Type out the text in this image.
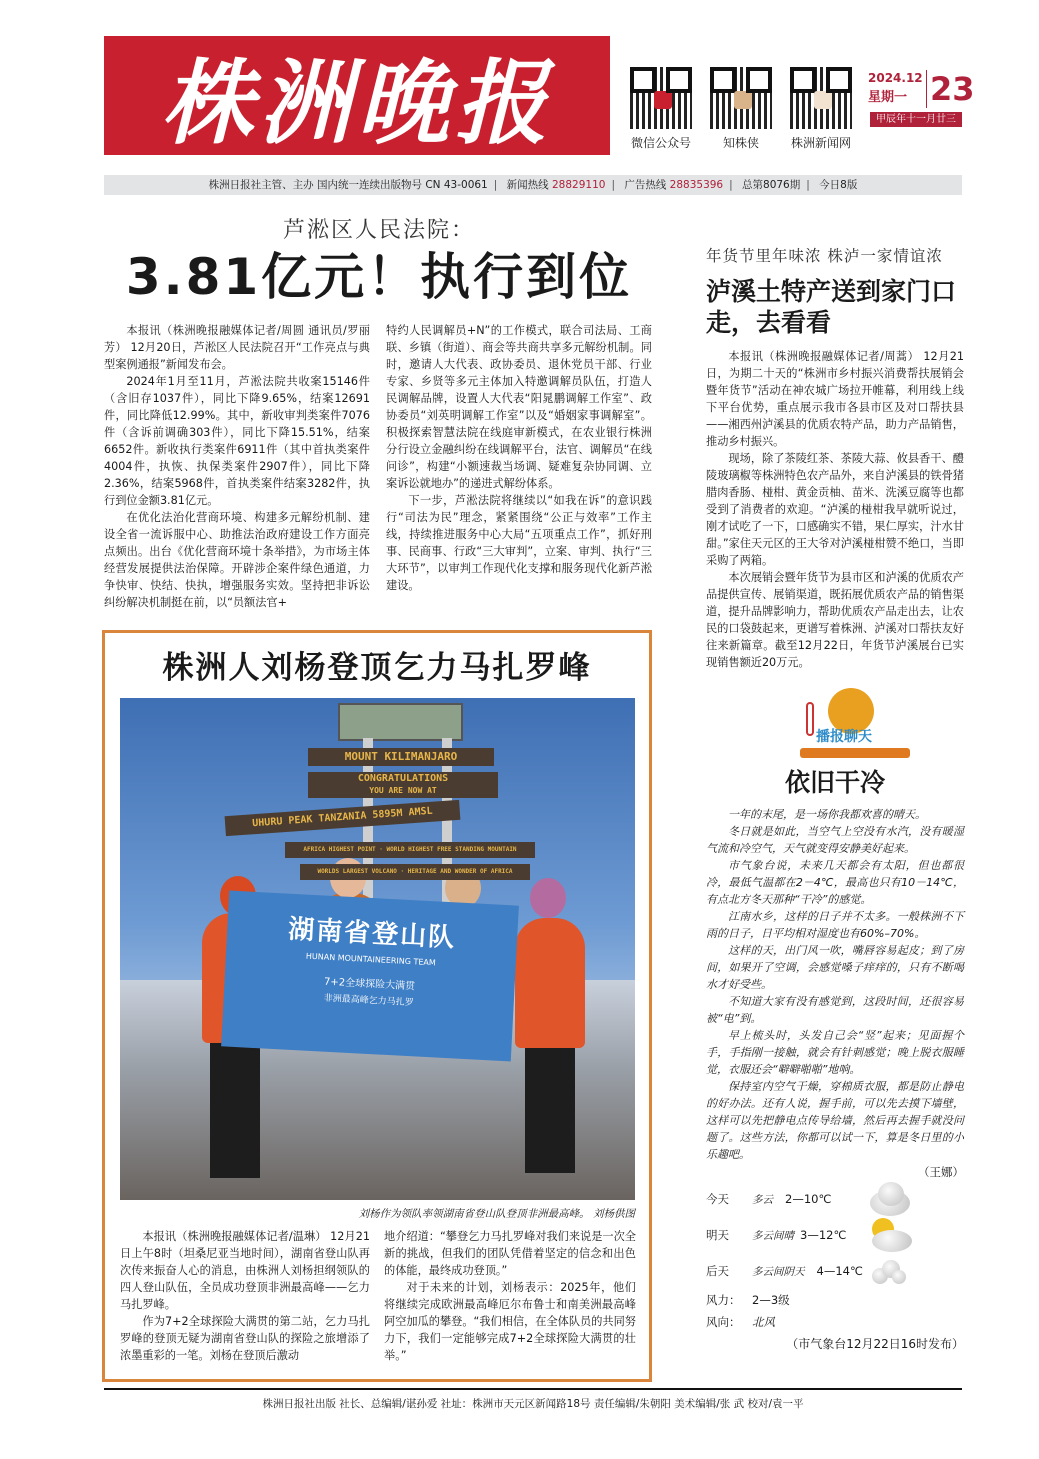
株洲晚报	微信公众号	知株侠	株洲新闻网
2024.12
星期一 23
甲辰年十一月廿三
株洲日报社主管、主办 国内统一连续出版物号 CN 43-0061 | 新闻热线 28829110 | 广告热线 28835396 | 总第8076期 | 今日8版
芦淞区人民法院：
3.81亿元！执行到位

本报讯（株洲晚报融媒体记者/周圆 通讯员/罗丽芳） 12月20日，芦淞区人民法院召开“工作亮点与典型案例通报”新闻发布会。

2024年1月至11月，芦淞法院共收案15146件（含旧存1037件），同比下降9.65%，结案12691件，同比降低12.99%。其中，新收审判类案件7076件（含诉前调确303件），同比下降15.51%，结案6652件。新收执行类案件6911件（其中首执类案件4004件，执恢、执保类案件2907件），同比下降2.36%，结案5968件，首执类案件结案3282件，执行到位金额3.81亿元。

在优化法治化营商环境、构建多元解纷机制、建设全省一流诉服中心、助推法治政府建设工作方面亮点频出。出台《优化营商环境十条举措》，为市场主体经营发展提供法治保障。开辟涉企案件绿色通道，力争快审、快结、快执，增强服务实效。坚持把非诉讼纠纷解决机制挺在前，以“员额法官+

特约人民调解员+N”的工作模式，联合司法局、工商联、乡镇（街道）、商会等共商共享多元解纷机制。同时，邀请人大代表、政协委员、退休党员干部、行业专家、乡贤等多元主体加入特邀调解员队伍，打造人民调解品牌，设置人大代表“阳晁鹏调解工作室”、政协委员“刘英明调解工作室”以及“婚姻家事调解室”。积极探索智慧法院在线庭审新模式，在农业银行株洲分行设立金融纠纷在线调解平台，法官、调解员“在线问诊”，构建“小额速裁当场调、疑难复杂协同调、立案诉讼就地办”的递进式解纷体系。

下一步，芦淞法院将继续以“如我在诉”的意识践行“司法为民”理念，紧紧围绕“公正与效率”工作主线，持续推进服务中心大局“五项重点工作”，抓好刑事、民商事、行政“三大审判”，立案、审判、执行“三大环节”，以审判工作现代化支撑和服务现代化新芦淞建设。

年货节里年味浓 株泸一家情谊浓
泸溪土特产送到家门口
走，去看看

本报讯（株洲晚报融媒体记者/周蒿） 12月21日，为期二十天的“株洲市乡村振兴消费帮扶展销会暨年货节”活动在神农城广场拉开帷幕，利用线上线下平台优势，重点展示我市各县市区及对口帮扶县——湘西州泸溪县的优质农特产品，助力产品销售，推动乡村振兴。

现场，除了茶陵红茶、茶陵大蒜、攸县香干、醴陵玻璃椒等株洲特色农产品外，来自泸溪县的铁骨猪腊肉香肠、椪柑、黄金贡柚、苗米、洗溪豆腐等也都受到了消费者的欢迎。“泸溪的椪柑我早就听说过，刚才试吃了一下，口感确实不错，果仁厚实，汁水甘甜。”家住天元区的王大爷对泸溪椪柑赞不绝口，当即采购了两箱。

本次展销会暨年货节为县市区和泸溪的优质农产品提供宣传、展销渠道，既拓展优质农产品的销售渠道，提升品牌影响力，帮助优质农产品走出去，让农民的口袋鼓起来，更谱写着株洲、泸溪对口帮扶友好往来新篇章。截至12月22日，年货节泸溪展台已实现销售额近20万元。

株洲人刘杨登顶乞力马扎罗峰
MOUNT KILIMANJARO
CONGRATULATIONS
YOU ARE NOW AT
UHURU PEAK TANZANIA 5895M AMSL
AFRICA HIGHEST POINT · WORLD HIGHEST FREE STANDING MOUNTAIN
WORLDS LARGEST VOLCANO · HERITAGE AND WONDER OF AFRICA
湖南省登山队
HUNAN MOUNTAINEERING TEAM
7+2全球探险大满贯
非洲最高峰乞力马扎罗
刘杨作为领队率领湖南省登山队登顶非洲最高峰。 刘杨供图

本报讯（株洲晚报融媒体记者/温琳） 12月21日上午8时（坦桑尼亚当地时间），湖南省登山队再次传来振奋人心的消息，由株洲人刘杨担纲领队的四人登山队伍，全员成功登顶非洲最高峰——乞力马扎罗峰。

作为7+2全球探险大满贯的第二站，乞力马扎罗峰的登顶无疑为湖南省登山队的探险之旅增添了浓墨重彩的一笔。刘杨在登顶后激动

地介绍道：“攀登乞力马扎罗峰对我们来说是一次全新的挑战，但我们的团队凭借着坚定的信念和出色的体能，最终成功登顶。”

对于未来的计划，刘杨表示：2025年，他们将继续完成欧洲最高峰厄尔布鲁士和南美洲最高峰阿空加瓜的攀登。“我们相信，在全体队员的共同努力下，我们一定能够完成7+2全球探险大满贯的壮举。”

播报聊天
依旧干冷

一年的末尾，是一场你我都欢喜的晴天。

冬日就是如此，当空气上空没有水汽，没有暖湿气流和冷空气，天气就变得安静美好起来。

市气象台说，未来几天都会有太阳，但也都很冷，最低气温都在2－4℃，最高也只有10－14℃，有点北方冬天那种“干冷”的感觉。

江南水乡，这样的日子并不太多。一般株洲不下雨的日子，日平均相对湿度也有60%–70%。

这样的天，出门风一吹，嘴唇容易起皮；到了房间，如果开了空调，会感觉嗓子痒痒的，只有不断喝水才好受些。

不知道大家有没有感觉到，这段时间，还很容易被“电”到。

早上梳头时，头发自己会“竖”起来；见面握个手，手指刚一接触，就会有针刺感觉；晚上脱衣服睡觉，衣服还会“噼噼啪啪”地响。

保持室内空气干燥，穿棉质衣服，都是防止静电的好办法。还有人说，握手前，可以先去摸下墙壁，这样可以先把静电点传导给墙，然后再去握手就没问题了。这些方法，你都可以试一下，算是冬日里的小乐趣吧。

（王娜）
今天	多云 2—10℃
明天	多云间晴 3—12℃
后天	多云间阴天 4—14℃
风力：	2—3级
风向：	北风
（市气象台12月22日16时发布）
株洲日报社出版 社长、总编辑/谌孙爱 社址：株洲市天元区新闻路18号 责任编辑/朱朝阳 美术编辑/张 武 校对/袁一平
